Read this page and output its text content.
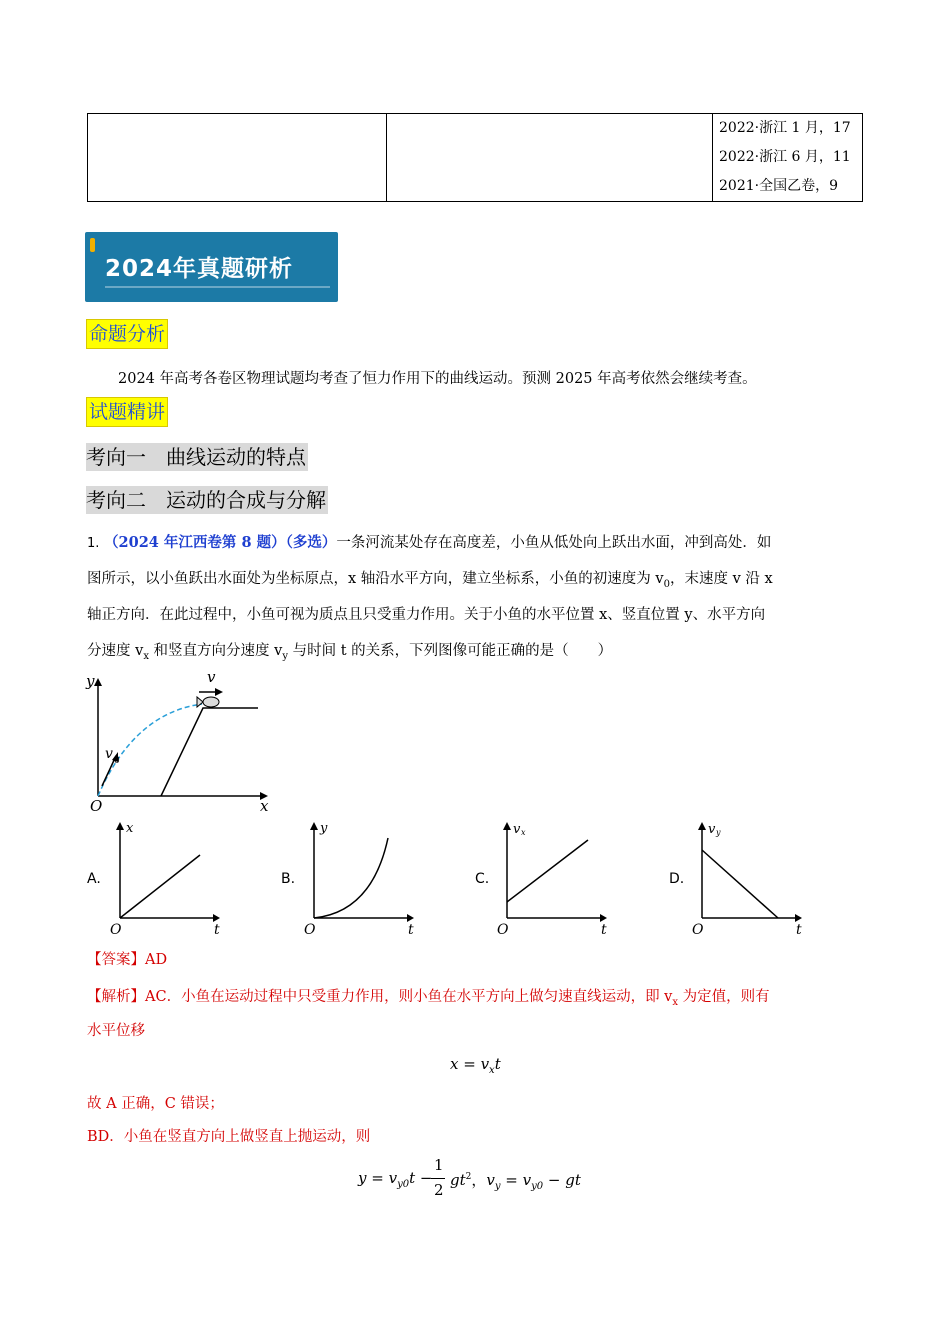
2022·浙江 1 月，17
2022·浙江 6 月，11
2021·全国乙卷，9
2024年真题研析
命题分析
2024 年高考各卷区物理试题均考查了恒力作用下的曲线运动。预测 2025 年高考依然会继续考查。
试题精讲
考向一　曲线运动的特点
考向二　运动的合成与分解
1. （2024 年江西卷第 8 题）（多选）一条河流某处存在高度差，小鱼从低处向上跃出水面，冲到高处．如
图所示，以小鱼跃出水面处为坐标原点，x 轴沿水平方向，建立坐标系，小鱼的初速度为 $v_0$，末速度 v 沿 x
轴正方向．在此过程中，小鱼可视为质点且只受重力作用。关于小鱼的水平位置 x、竖直位置 y、水平方向
分速度 $v_x$ 和竖直方向分速度 $v_y$ 与时间 t 的关系，下列图像可能正确的是（　　）
y
x
O
v
v 0
A.
x
t
O
B.
y
t
O
C.
v x
t
O
D.
v y
t
O
【答案】AD
【解析】AC．小鱼在运动过程中只受重力作用，则小鱼在水平方向上做匀速直线运动，即 $v_x$ 为定值，则有
水平位移
$x = v_xt$
故 A 正确，C 错误；
BD．小鱼在竖直方向上做竖直上抛运动，则
$y = v_{y0}t$ −
1
2
$gt^2$，$v_y = v_{y0}$ − gt
